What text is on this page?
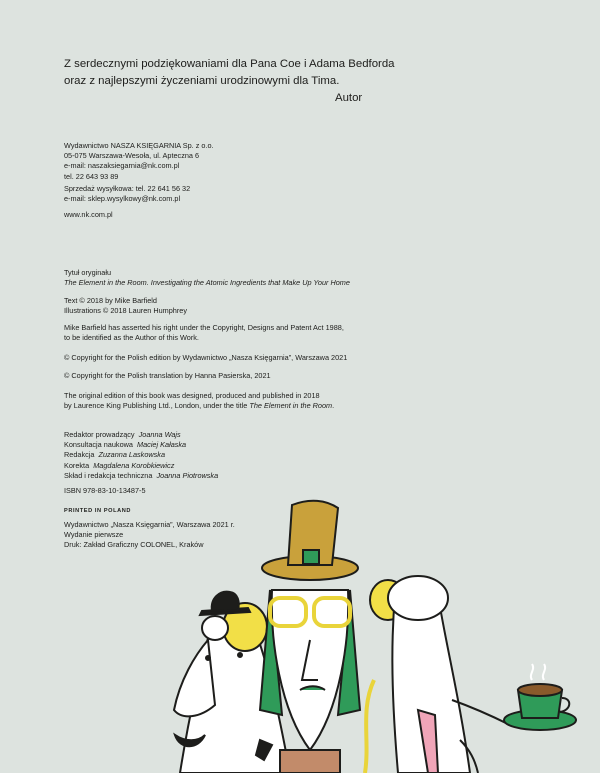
Z serdecznymi podziękowaniami dla Pana Coe i Adama Bedforda
oraz z najlepszymi życzeniami urodzinowymi dla Tima.
Autor

Wydawnictwo NASZA KSIĘGARNIA Sp. z o.o.

05-075 Warszawa-Wesoła, ul. Apteczna 6

e-mail: naszaksiegarnia@nk.com.pl

tel. 22 643 93 89

Sprzedaż wysyłkowa: tel. 22 641 56 32

e-mail: sklep.wysylkowy@nk.com.pl

www.nk.com.pl

Tytuł oryginału

The Element in the Room. Investigating the Atomic Ingredients that Make Up Your Home

Text © 2018 by Mike Barfield

Illustrations © 2018 Lauren Humphrey

Mike Barfield has asserted his right under the Copyright, Designs and Patent Act 1988,

to be identified as the Author of this Work.

© Copyright for the Polish edition by Wydawnictwo „Nasza Księgarnia”, Warszawa 2021

© Copyright for the Polish translation by Hanna Pasierska, 2021

The original edition of this book was designed, produced and published in 2018

by Laurence King Publishing Ltd., London, under the title The Element in the Room.

Redaktor prowadzący Joanna Wajs

Konsultacja naukowa Maciej Kałaska

Redakcja Zuzanna Laskowska

Korekta Magdalena Korobkiewicz

Skład i redakcja techniczna Joanna Piotrowska

ISBN 978-83-10-13487-5

PRINTED IN POLAND

Wydawnictwo „Nasza Księgarnia”, Warszawa 2021 r.

Wydanie pierwsze

Druk: Zakład Graficzny COLONEL, Kraków
